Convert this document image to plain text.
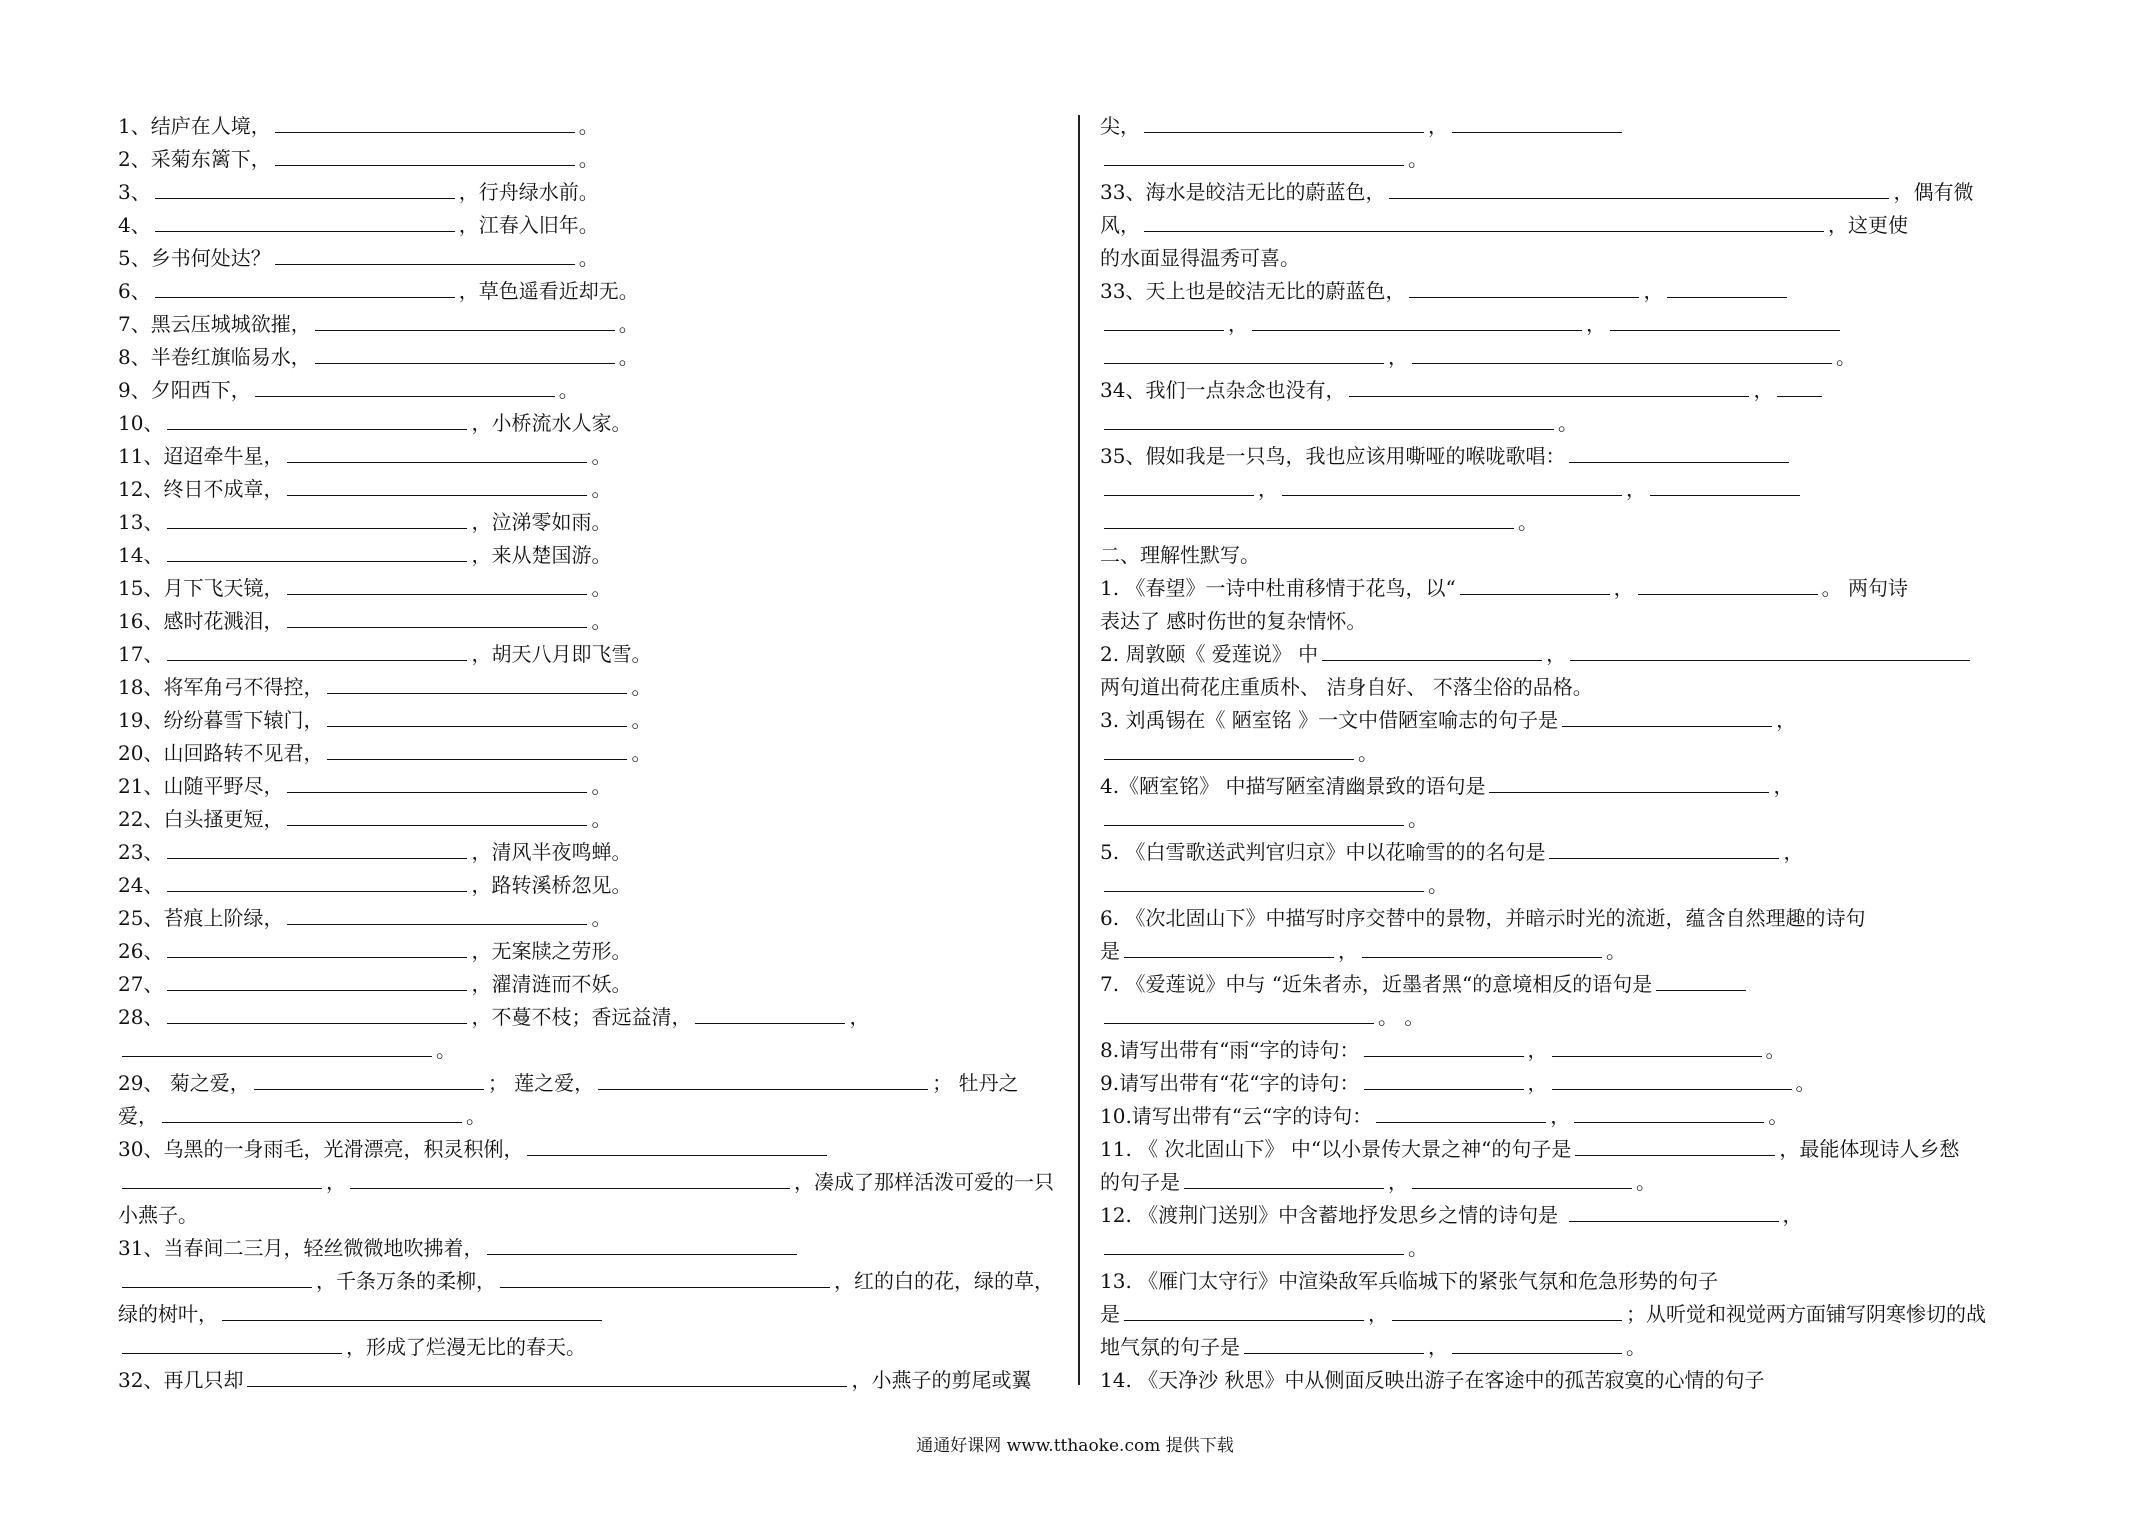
1、结庐在人境，	。
2、采菊东篱下，	。
3、	，行舟绿水前。
4、	，江春入旧年。
5、乡书何处达？	。
6、	，草色遥看近却无。
7、黑云压城城欲摧，	。
8、半卷红旗临易水，	。
9、夕阳西下，	。
10、	，小桥流水人家。
11、迢迢牵牛星，	。
12、终日不成章，	。
13、	，泣涕零如雨。
14、	，来从楚国游。
15、月下飞天镜，	。
16、感时花溅泪，	。
17、	，胡天八月即飞雪。
18、将军角弓不得控，	。
19、纷纷暮雪下辕门，	。
20、山回路转不见君，	。
21、山随平野尽，	。
22、白头搔更短，	。
23、	，清风半夜鸣蝉。
24、	，路转溪桥忽见。
25、苔痕上阶绿，	。
26、	，无案牍之劳形。
27、	，濯清涟而不妖。
28、	，不蔓不枝；香远益清，	，
。
29、 菊之爱，	； 莲之爱，	； 牡丹之
爱，	。
30、乌黑的一身雨毛，光滑漂亮，积灵积俐，
，	，凑成了那样活泼可爱的一只
小燕子。
31、当春间二三月，轻丝微微地吹拂着，
，千条万条的柔柳，	，红的白的花，绿的草，
绿的树叶，
，形成了烂漫无比的春天。
32、再几只却	，小燕子的剪尾或翼
尖，	，
。
33、海水是皎洁无比的蔚蓝色，	，偶有微
风，	，这更使
的水面显得温秀可喜。
33、天上也是皎洁无比的蔚蓝色，	，
，	，
，	。
34、我们一点杂念也没有，	，
。
35、假如我是一只鸟，我也应该用嘶哑的喉咙歌唱：
，	，
。
二、理解性默写。
1. 《春望》一诗中杜甫移情于花鸟，以“	，	。 两句诗
表达了 感时伤世的复杂情怀。
2. 周敦颐《 爱莲说》 中	，
两句道出荷花庄重质朴、 洁身自好、 不落尘俗的品格。
3. 刘禹锡在《 陋室铭 》一文中借陋室喻志的句子是	，
。
4.《陋室铭》 中描写陋室清幽景致的语句是	，
。
5. 《白雪歌送武判官归京》中以花喻雪的的名句是	，
。
6. 《次北固山下》中描写时序交替中的景物，并暗示时光的流逝，蕴含自然理趣的诗句
是	，	。
7. 《爱莲说》中与 “近朱者赤，近墨者黑“的意境相反的语句是
。 。
8.请写出带有“雨“字的诗句：	，	。
9.请写出带有“花“字的诗句：	，	。
10.请写出带有“云“字的诗句：	，	。
11. 《 次北固山下》 中“以小景传大景之神“的句子是	，最能体现诗人乡愁
的句子是	，	。
12. 《渡荆门送别》中含蓄地抒发思乡之情的诗句是	，
。
13. 《雁门太守行》中渲染敌军兵临城下的紧张气氛和危急形势的句子
是	，	；从听觉和视觉两方面铺写阴寒惨切的战
地气氛的句子是	，	。
14. 《天净沙 秋思》中从侧面反映出游子在客途中的孤苦寂寞的心情的句子
通通好课网 www.tthaoke.com 提供下载
